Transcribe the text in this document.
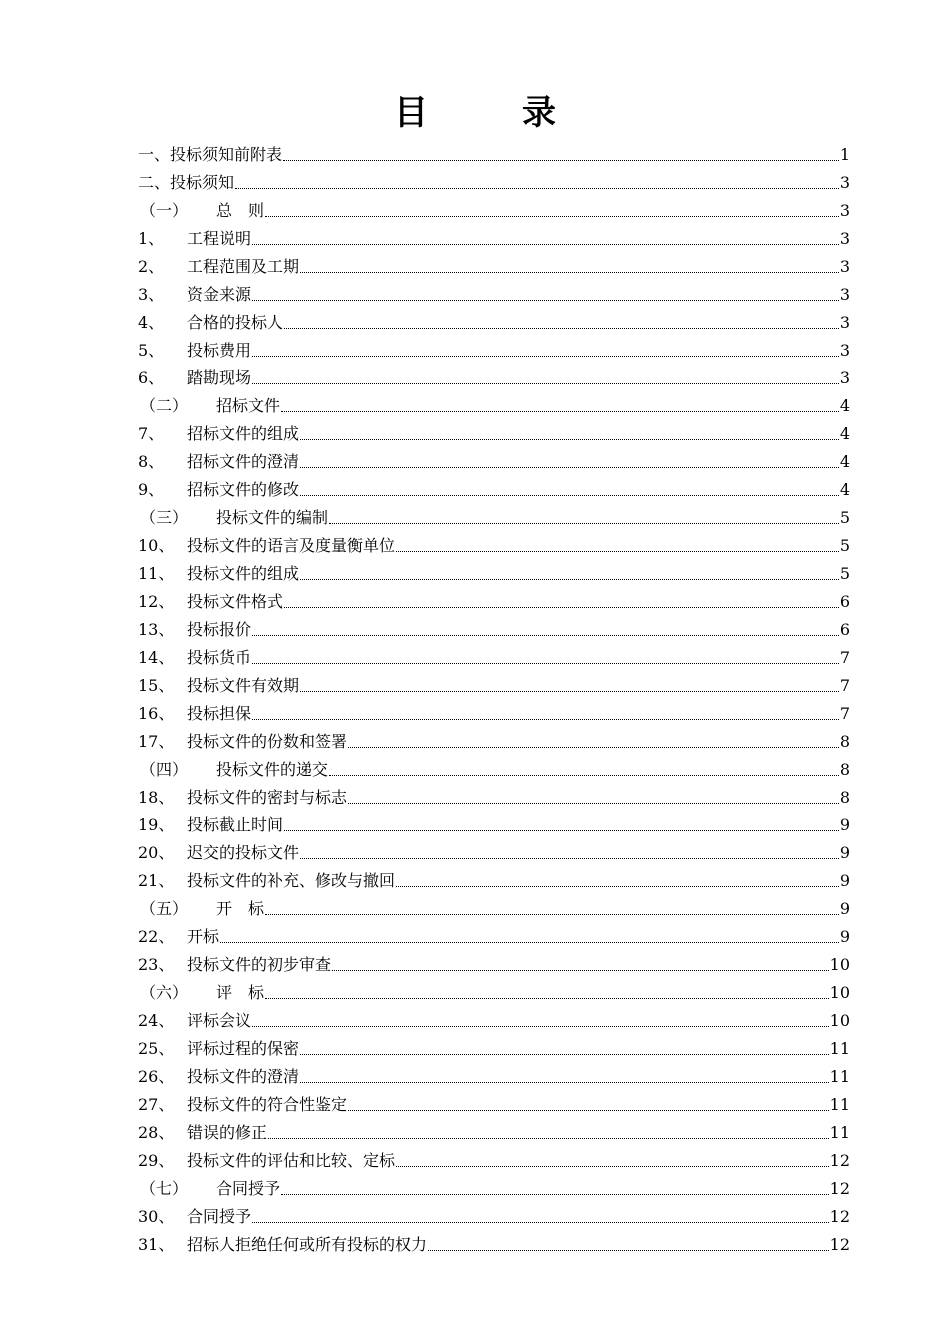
目　录
一、投标须知前附表	1
二、投标须知	3
（一）	总　则	3
1、	工程说明	3
2、	工程范围及工期	3
3、	资金来源	3
4、	合格的投标人	3
5、	投标费用	3
6、	踏勘现场	3
（二）	招标文件	4
7、	招标文件的组成	4
8、	招标文件的澄清	4
9、	招标文件的修改	4
（三）	投标文件的编制	5
10、 投标文件的语言及度量衡单位	5
11、 投标文件的组成	5
12、 投标文件格式	6
13、 投标报价	6
14、 投标货币	7
15、 投标文件有效期	7
16、 投标担保	7
17、 投标文件的份数和签署	8
（四）	投标文件的递交	8
18、 投标文件的密封与标志	8
19、 投标截止时间	9
20、 迟交的投标文件	9
21、 投标文件的补充、修改与撤回	9
（五）	开　标	9
22、 开标	9
23、 投标文件的初步审查	10
（六）	评　标	10
24、 评标会议	10
25、 评标过程的保密	11
26、 投标文件的澄清	11
27、 投标文件的符合性鉴定	11
28、 错误的修正	11
29、 投标文件的评估和比较、定标	12
（七）	合同授予	12
30、 合同授予	12
31、 招标人拒绝任何或所有投标的权力	12
